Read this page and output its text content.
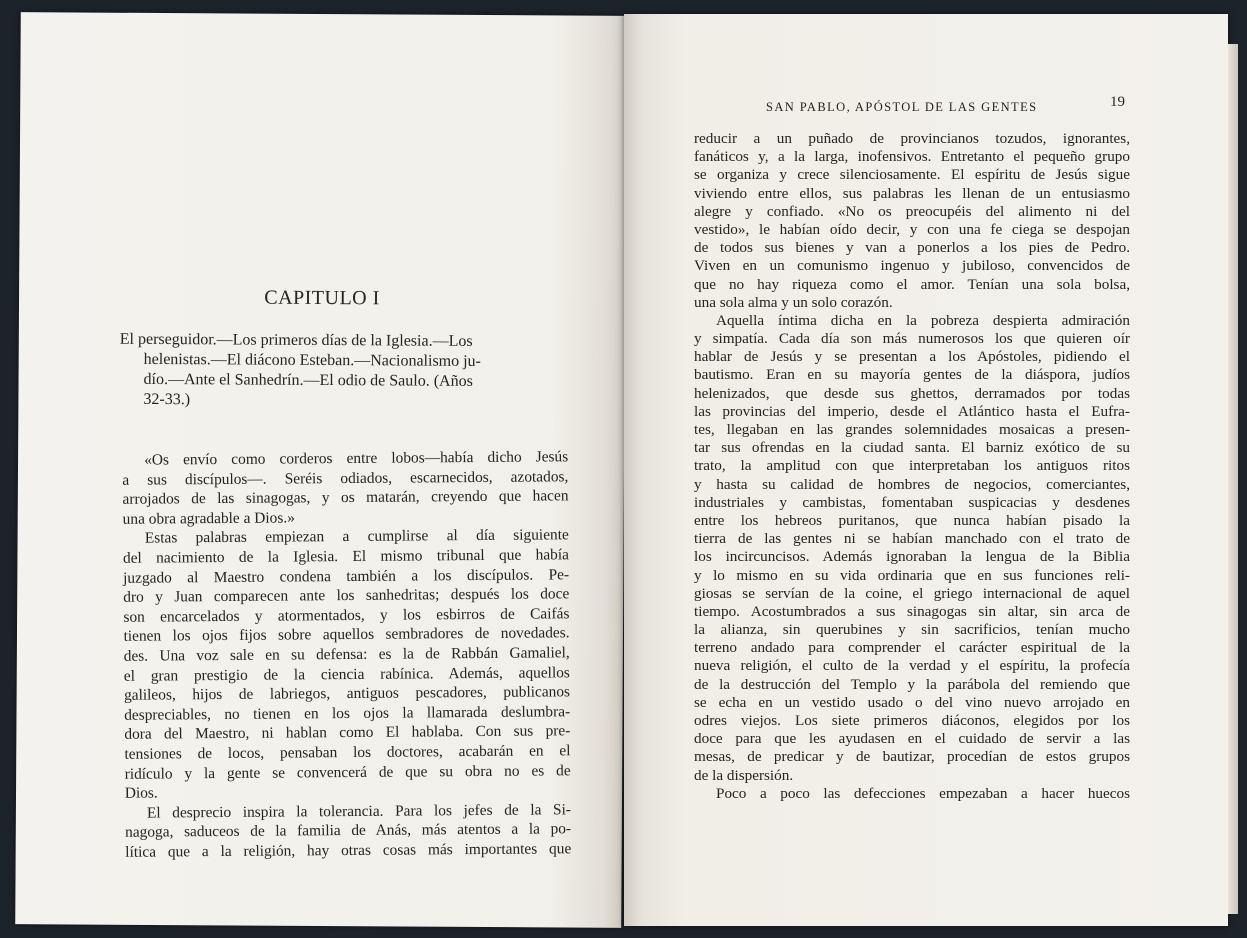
CAPITULO I
El perseguidor.—Los primeros días de la Iglesia.—Los
helenistas.—El diácono Esteban.—Nacionalismo ju-
dío.—Ante el Sanhedrín.—El odio de Saulo. (Años
32-33.)
«Os envío como corderos entre lobos—había dicho Jesús
a sus discípulos—. Seréis odiados, escarnecidos, azotados,
arrojados de las sinagogas, y os matarán, creyendo que hacen
una obra agradable a Dios.»
Estas palabras empiezan a cumplirse al día siguiente
del nacimiento de la Iglesia. El mismo tribunal que había
juzgado al Maestro condena también a los discípulos. Pe-
dro y Juan comparecen ante los sanhedritas; después los doce
son encarcelados y atormentados, y los esbirros de Caifás
tienen los ojos fijos sobre aquellos sembradores de novedades.
des. Una voz sale en su defensa: es la de Rabbán Gamaliel,
el gran prestigio de la ciencia rabínica. Además, aquellos
galileos, hijos de labriegos, antiguos pescadores, publicanos
despreciables, no tienen en los ojos la llamarada deslumbra-
dora del Maestro, ni hablan como El hablaba. Con sus pre-
tensiones de locos, pensaban los doctores, acabarán en el
ridículo y la gente se convencerá de que su obra no es de
Dios.
El desprecio inspira la tolerancia. Para los jefes de la Si-
nagoga, saduceos de la familia de Anás, más atentos a la po-
lítica que a la religión, hay otras cosas más importantes que
SAN PABLO, APÓSTOL DE LAS GENTES	19
reducir a un puñado de provincianos tozudos, ignorantes,
fanáticos y, a la larga, inofensivos. Entretanto el pequeño grupo
se organiza y crece silenciosamente. El espíritu de Jesús sigue
viviendo entre ellos, sus palabras les llenan de un entusiasmo
alegre y confiado. «No os preocupéis del alimento ni del
vestido», le habían oído decir, y con una fe ciega se despojan
de todos sus bienes y van a ponerlos a los pies de Pedro.
Viven en un comunismo ingenuo y jubiloso, convencidos de
que no hay riqueza como el amor. Tenían una sola bolsa,
una sola alma y un solo corazón.
Aquella íntima dicha en la pobreza despierta admiración
y simpatía. Cada día son más numerosos los que quieren oír
hablar de Jesús y se presentan a los Apóstoles, pidiendo el
bautismo. Eran en su mayoría gentes de la diáspora, judíos
helenizados, que desde sus ghettos, derramados por todas
las provincias del imperio, desde el Atlántico hasta el Eufra-
tes, llegaban en las grandes solemnidades mosaicas a presen-
tar sus ofrendas en la ciudad santa. El barniz exótico de su
trato, la amplitud con que interpretaban los antiguos ritos
y hasta su calidad de hombres de negocios, comerciantes,
industriales y cambistas, fomentaban suspicacias y desdenes
entre los hebreos puritanos, que nunca habían pisado la
tierra de las gentes ni se habían manchado con el trato de
los incircuncisos. Además ignoraban la lengua de la Biblia
y lo mismo en su vida ordinaria que en sus funciones reli-
giosas se servían de la coine, el griego internacional de aquel
tiempo. Acostumbrados a sus sinagogas sin altar, sin arca de
la alianza, sin querubines y sin sacrificios, tenían mucho
terreno andado para comprender el carácter espiritual de la
nueva religión, el culto de la verdad y el espíritu, la profecía
de la destrucción del Templo y la parábola del remiendo que
se echa en un vestido usado o del vino nuevo arrojado en
odres viejos. Los siete primeros diáconos, elegidos por los
doce para que les ayudasen en el cuidado de servir a las
mesas, de predicar y de bautizar, procedían de estos grupos
de la dispersión.
Poco a poco las defecciones empezaban a hacer huecos
